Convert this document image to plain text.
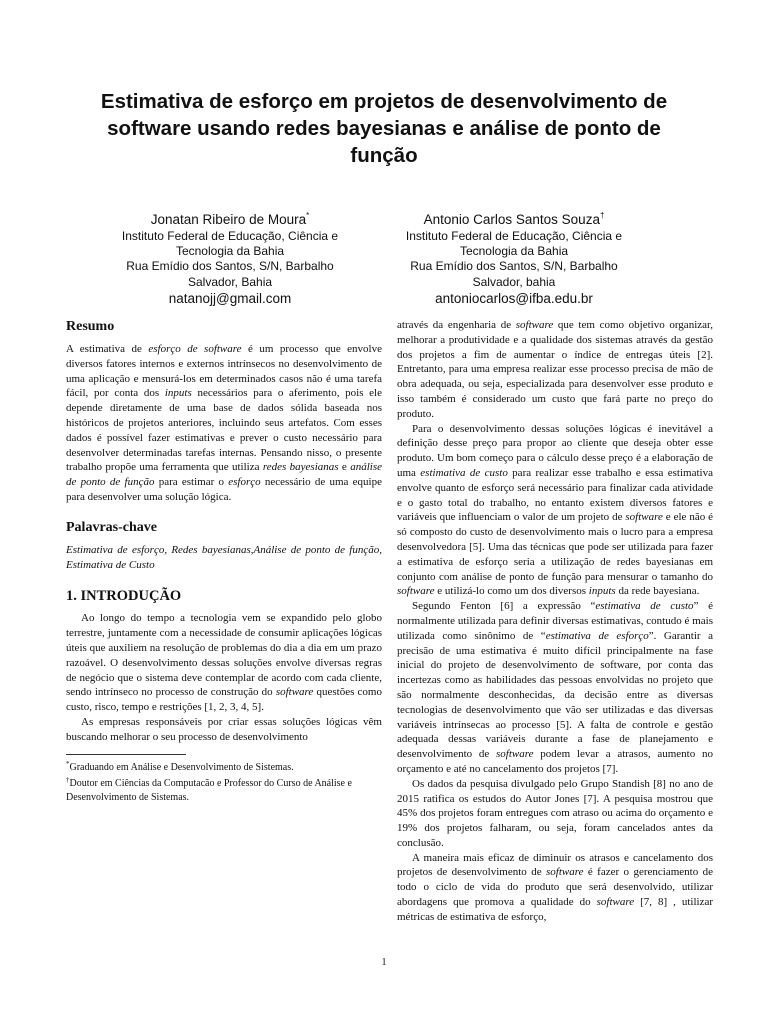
Estimativa de esforço em projetos de desenvolvimento de
software usando redes bayesianas e análise de ponto de
função
Jonatan Ribeiro de Moura*
Instituto Federal de Educação, Ciência e
Tecnologia da Bahia
Rua Emídio dos Santos, S/N, Barbalho
Salvador, Bahia
natanojj@gmail.com
Antonio Carlos Santos Souza†
Instituto Federal de Educação, Ciência e
Tecnologia da Bahia
Rua Emídio dos Santos, S/N, Barbalho
Salvador, bahia
antoniocarlos@ifba.edu.br
Resumo

A estimativa de esforço de software é um processo que envolve diversos fatores internos e externos intrínsecos no desenvolvimento de uma aplicação e mensurá-los em determinados casos não é uma tarefa fácil, por conta dos inputs necessários para o aferimento, pois ele depende diretamente de uma base de dados sólida baseada nos históricos de projetos anteriores, incluindo seus artefatos. Com esses dados é possível fazer estimativas e prever o custo necessário para desenvolver determinadas tarefas internas. Pensando nisso, o presente trabalho propõe uma ferramenta que utiliza redes bayesianas e análise de ponto de função para estimar o esforço necessário de uma equipe para desenvolver uma solução lógica.

Palavras-chave

Estimativa de esforço, Redes bayesianas,Análise de ponto de função, Estimativa de Custo

1. INTRODUÇÃO

Ao longo do tempo a tecnologia vem se expandido pelo globo terrestre, juntamente com a necessidade de consumir aplicações lógicas úteis que auxiliem na resolução de problemas do dia a dia em um prazo razoável. O desenvolvimento dessas soluções envolve diversas regras de negócio que o sistema deve contemplar de acordo com cada cliente, sendo intrínseco no processo de construção do software questões como custo, risco, tempo e restrições [1, 2, 3, 4, 5].

As empresas responsáveis por criar essas soluções lógicas vêm buscando melhorar o seu processo de desenvolvimento

*Graduando em Análise e Desenvolvimento de Sistemas.

†Doutor em Ciências da Computacão e Professor do Curso de Análise e Desenvolvimento de Sistemas.

através da engenharia de software que tem como objetivo organizar, melhorar a produtividade e a qualidade dos sistemas através da gestão dos projetos a fim de aumentar o índice de entregas úteis [2]. Entretanto, para uma empresa realizar esse processo precisa de mão de obra adequada, ou seja, especializada para desenvolver esse produto e isso também é considerado um custo que fará parte no preço do produto.

Para o desenvolvimento dessas soluções lógicas é inevitável a definição desse preço para propor ao cliente que deseja obter esse produto. Um bom começo para o cálculo desse preço é a elaboração de uma estimativa de custo para realizar esse trabalho e essa estimativa envolve quanto de esforço será necessário para finalizar cada atividade e o gasto total do trabalho, no entanto existem diversos fatores e variáveis que influenciam o valor de um projeto de software e ele não é só composto do custo de desenvolvimento mais o lucro para a empresa desenvolvedora [5]. Uma das técnicas que pode ser utilizada para fazer a estimativa de esforço seria a utilização de redes bayesianas em conjunto com análise de ponto de função para mensurar o tamanho do software e utilizá-lo como um dos diversos inputs da rede bayesiana.

Segundo Fenton [6] a expressão “estimativa de custo” é normalmente utilizada para definir diversas estimativas, contudo é mais utilizada como sinônimo de “estimativa de esforço”. Garantir a precisão de uma estimativa é muito difícil principalmente na fase inicial do projeto de desenvolvimento de software, por conta das incertezas como as habilidades das pessoas envolvidas no projeto que são normalmente desconhecidas, da decisão entre as diversas tecnologias de desenvolvimento que vão ser utilizadas e das diversas variáveis intrínsecas ao processo [5]. A falta de controle e gestão adequada dessas variáveis durante a fase de planejamento e desenvolvimento de software podem levar a atrasos, aumento no orçamento e até no cancelamento dos projetos [7].

Os dados da pesquisa divulgado pelo Grupo Standish [8] no ano de 2015 ratifica os estudos do Autor Jones [7]. A pesquisa mostrou que 45% dos projetos foram entregues com atraso ou acima do orçamento e 19% dos projetos falharam, ou seja, foram cancelados antes da conclusão.

A maneira mais eficaz de diminuir os atrasos e cancelamento dos projetos de desenvolvimento de software é fazer o gerenciamento de todo o ciclo de vida do produto que será desenvolvido, utilizar abordagens que promova a qualidade do software [7, 8] , utilizar métricas de estimativa de esforço,

1
